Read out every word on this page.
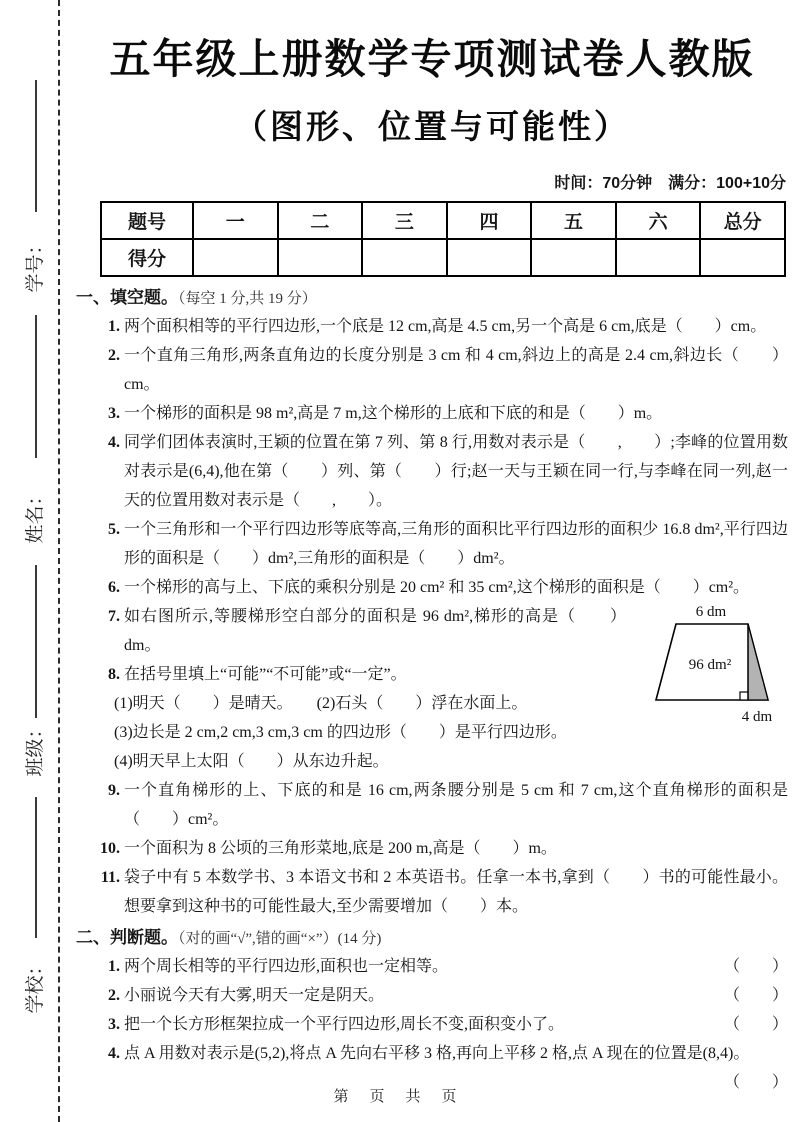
学号：
姓名：
班级：
学校：
五年级上册数学专项测试卷人教版
（图形、位置与可能性）
时间：70分钟　满分：100+10分
题号	一	二	三	四	五	六	总分
得分							
一、填空题。（每空 1 分,共 19 分）
1. 两个面积相等的平行四边形,一个底是 12 cm,高是 4.5 cm,另一个高是 6 cm,底是（　　）cm。
2. 一个直角三角形,两条直角边的长度分别是 3 cm 和 4 cm,斜边上的高是 2.4 cm,斜边长（　　）cm。
3. 一个梯形的面积是 98 m²,高是 7 m,这个梯形的上底和下底的和是（　　）m。
4. 同学们团体表演时,王颖的位置在第 7 列、第 8 行,用数对表示是（　　,　　）;李峰的位置用数对表示是(6,4),他在第（　　）列、第（　　）行;赵一天与王颖在同一行,与李峰在同一列,赵一天的位置用数对表示是（　　,　　）。
5. 一个三角形和一个平行四边形等底等高,三角形的面积比平行四边形的面积少 16.8 dm²,平行四边形的面积是（　　）dm²,三角形的面积是（　　）dm²。
6. 一个梯形的高与上、下底的乘积分别是 20 cm² 和 35 cm²,这个梯形的面积是（　　）cm²。
6 dm
96 dm²
4 dm
7. 如右图所示,等腰梯形空白部分的面积是 96 dm²,梯形的高是（　　）dm。
8. 在括号里填上“可能”“不可能”或“一定”。
(1)明天（　　）是晴天。　　(2)石头（　　）浮在水面上。
(3)边长是 2 cm,2 cm,3 cm,3 cm 的四边形（　　）是平行四边形。
(4)明天早上太阳（　　）从东边升起。
9. 一个直角梯形的上、下底的和是 16 cm,两条腰分别是 5 cm 和 7 cm,这个直角梯形的面积是（　　）cm²。
10. 一个面积为 8 公顷的三角形菜地,底是 200 m,高是（　　）m。
11. 袋子中有 5 本数学书、3 本语文书和 2 本英语书。任拿一本书,拿到（　　）书的可能性最小。想要拿到这种书的可能性最大,至少需要增加（　　）本。
二、判断题。（对的画“√”,错的画“×”）(14 分)
1. 两个周长相等的平行四边形,面积也一定相等。	（　　）
2. 小丽说今天有大雾,明天一定是阴天。	（　　）
3. 把一个长方形框架拉成一个平行四边形,周长不变,面积变小了。	（　　）
4. 点 A 用数对表示是(5,2),将点 A 先向右平移 3 格,再向上平移 2 格,点 A 现在的位置是(8,4)。
（　　）
第　页　共　页
